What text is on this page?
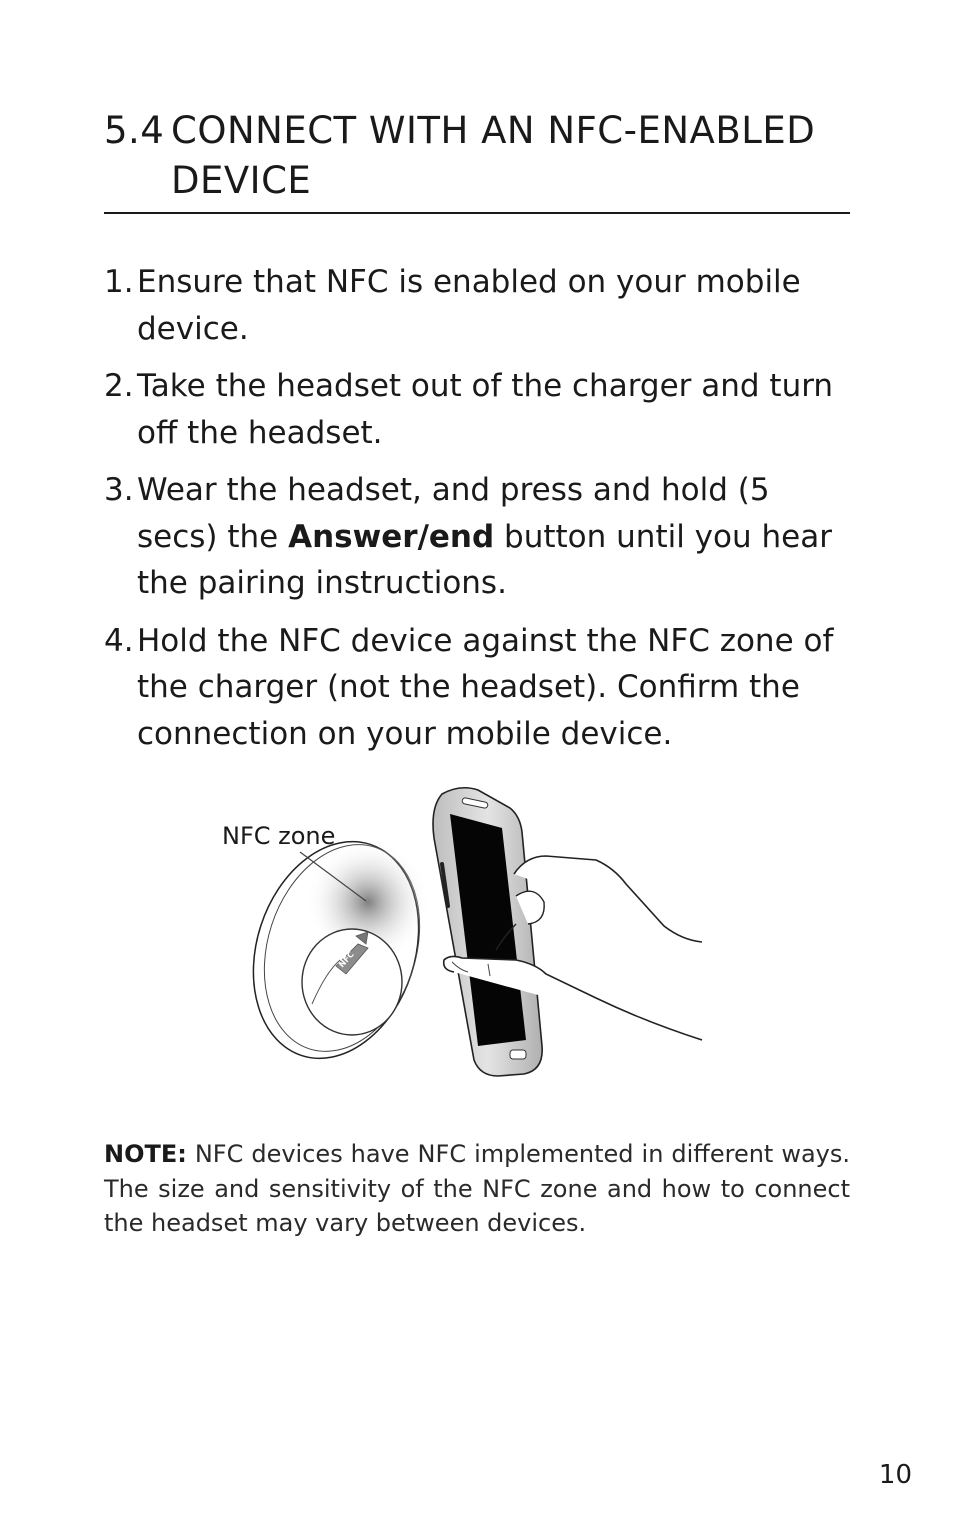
5.4 CONNECT WITH AN NFC-ENABLED DEVICE
1. Ensure that NFC is enabled on your mobile device.
2. Take the headset out of the charger and turn off the headset.
3. Wear the headset, and press and hold (5 secs) the Answer/end button until you hear the pairing instructions.
4. Hold the NFC device against the NFC zone of the charger (not the headset). Confirm the connection on your mobile device.
NFC
NFC zone

NOTE: NFC devices have NFC implemented in different ways. The size and sensitivity of the NFC zone and how to connect the headset may vary between devices.

10
